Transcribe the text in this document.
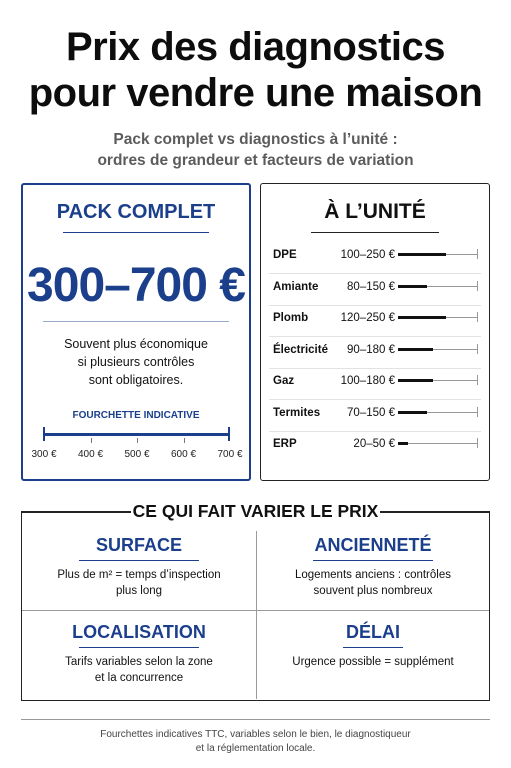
Prix des diagnostics
pour vendre une maison
Pack complet vs diagnostics à l’unité :
ordres de grandeur et facteurs de variation
PACK COMPLET
300–700 €
Souvent plus économique
si plusieurs contrôles
sont obligatoires.
FOURCHETTE INDICATIVE
300 €	400 €	500 €	600 €	700 €
À L’UNITÉ
DPE	100–250 €
Amiante	80–150 €
Plomb	120–250 €
Électricité	90–180 €
Gaz	100–180 €
Termites	70–150 €
ERP	20–50 €
CE QUI FAIT VARIER LE PRIX
SURFACE
Plus de m² = temps d’inspection
plus long
ANCIENNETÉ
Logements anciens : contrôles
souvent plus nombreux
LOCALISATION
Tarifs variables selon la zone
et la concurrence
DÉLAI
Urgence possible = supplément
Fourchettes indicatives TTC, variables selon le bien, le diagnostiqueur
et la réglementation locale.
